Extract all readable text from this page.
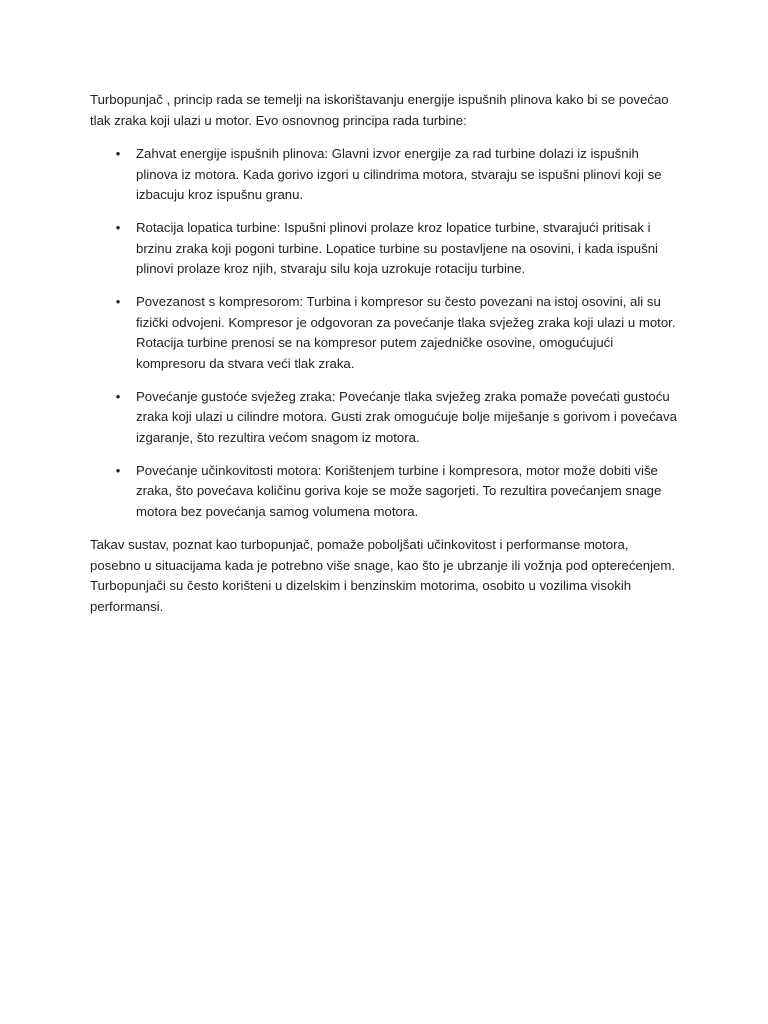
Turbopunjač , princip rada se temelji na iskorištavanju energije ispušnih plinova kako bi se povećao tlak zraka koji ulazi u motor. Evo osnovnog principa rada turbine:

• Zahvat energije ispušnih plinova: Glavni izvor energije za rad turbine dolazi iz ispušnih plinova iz motora. Kada gorivo izgori u cilindrima motora, stvaraju se ispušni plinovi koji se izbacuju kroz ispušnu granu.
• Rotacija lopatica turbine: Ispušni plinovi prolaze kroz lopatice turbine, stvarajući pritisak i brzinu zraka koji pogoni turbine. Lopatice turbine su postavljene na osovini, i kada ispušni plinovi prolaze kroz njih, stvaraju silu koja uzrokuje rotaciju turbine.
• Povezanost s kompresorom: Turbina i kompresor su često povezani na istoj osovini, ali su fizički odvojeni. Kompresor je odgovoran za povećanje tlaka svježeg zraka koji ulazi u motor. Rotacija turbine prenosi se na kompresor putem zajedničke osovine, omogućujući kompresoru da stvara veći tlak zraka.
• Povećanje gustoće svježeg zraka: Povećanje tlaka svježeg zraka pomaže povećati gustoću zraka koji ulazi u cilindre motora. Gusti zrak omogućuje bolje miješanje s gorivom i povećava izgaranje, što rezultira većom snagom iz motora.
• Povećanje učinkovitosti motora: Korištenjem turbine i kompresora, motor može dobiti više zraka, što povećava količinu goriva koje se može sagorjeti. To rezultira povećanjem snage motora bez povećanja samog volumena motora.

Takav sustav, poznat kao turbopunjač, pomaže poboljšati učinkovitost i performanse motora, posebno u situacijama kada je potrebno više snage, kao što je ubrzanje ili vožnja pod opterećenjem. Turbopunjači su često korišteni u dizelskim i benzinskim motorima, osobito u vozilima visokih performansi.
